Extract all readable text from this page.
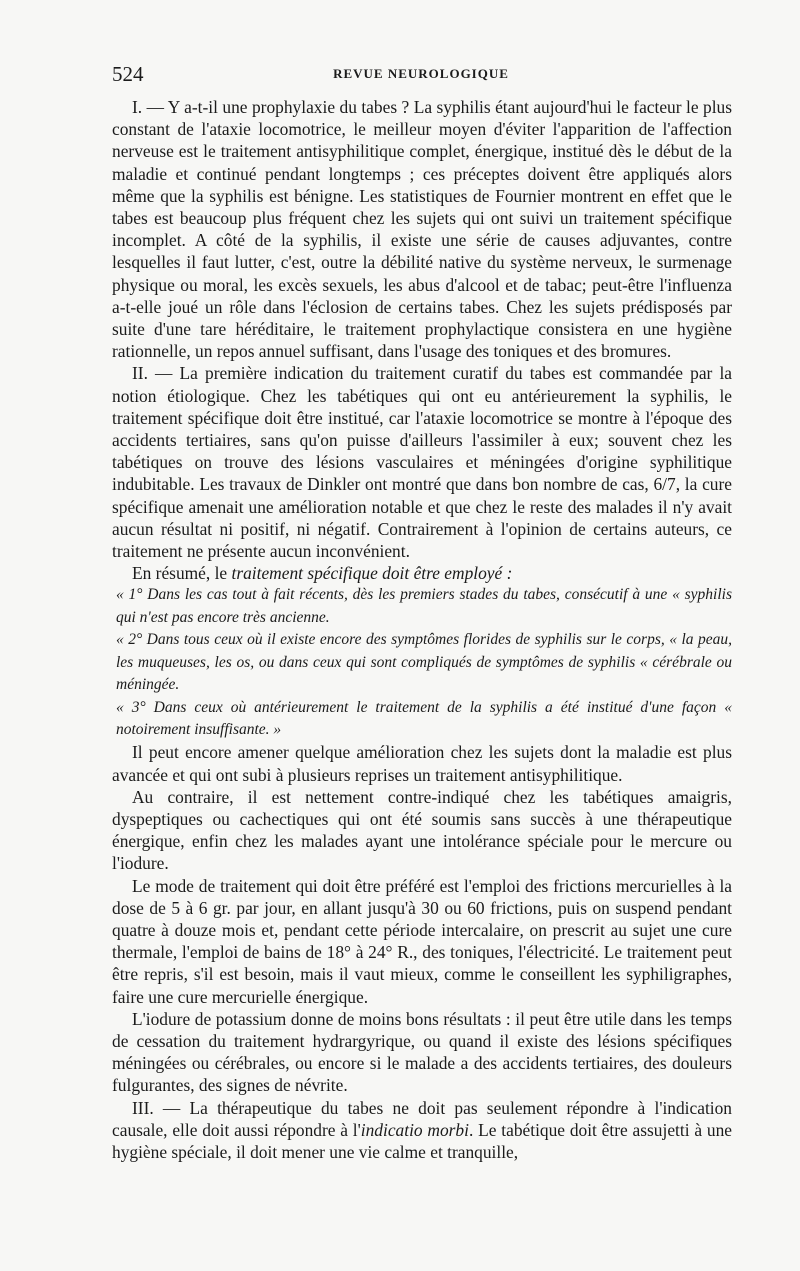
524	REVUE NEUROLOGIQUE

I. — Y a-t-il une prophylaxie du tabes ? La syphilis étant aujourd'hui le facteur le plus constant de l'ataxie locomotrice, le meilleur moyen d'éviter l'apparition de l'affection nerveuse est le traitement antisyphilitique complet, énergique, institué dès le début de la maladie et continué pendant longtemps ; ces préceptes doivent être appliqués alors même que la syphilis est bénigne. Les statistiques de Fournier montrent en effet que le tabes est beaucoup plus fréquent chez les sujets qui ont suivi un traitement spécifique incomplet. A côté de la syphilis, il existe une série de causes adjuvantes, contre lesquelles il faut lutter, c'est, outre la débilité native du système nerveux, le surmenage physique ou moral, les excès sexuels, les abus d'alcool et de tabac; peut-être l'influenza a-t-elle joué un rôle dans l'éclosion de certains tabes. Chez les sujets prédisposés par suite d'une tare héréditaire, le traitement prophylactique consistera en une hygiène rationnelle, un repos annuel suffisant, dans l'usage des toniques et des bromures.

II. — La première indication du traitement curatif du tabes est commandée par la notion étiologique. Chez les tabétiques qui ont eu antérieurement la syphilis, le traitement spécifique doit être institué, car l'ataxie locomotrice se montre à l'époque des accidents tertiaires, sans qu'on puisse d'ailleurs l'assimiler à eux; souvent chez les tabétiques on trouve des lésions vasculaires et méningées d'origine syphilitique indubitable. Les travaux de Dinkler ont montré que dans bon nombre de cas, 6/7, la cure spécifique amenait une amélioration notable et que chez le reste des malades il n'y avait aucun résultat ni positif, ni négatif. Contrairement à l'opinion de certains auteurs, ce traitement ne présente aucun inconvénient.

En résumé, le traitement spécifique doit être employé :

« 1° Dans les cas tout à fait récents, dès les premiers stades du tabes, consécutif à une « syphilis qui n'est pas encore très ancienne.

« 2° Dans tous ceux où il existe encore des symptômes florides de syphilis sur le corps, « la peau, les muqueuses, les os, ou dans ceux qui sont compliqués de symptômes de syphilis « cérébrale ou méningée.

« 3° Dans ceux où antérieurement le traitement de la syphilis a été institué d'une façon « notoirement insuffisante. »

Il peut encore amener quelque amélioration chez les sujets dont la maladie est plus avancée et qui ont subi à plusieurs reprises un traitement antisyphilitique.

Au contraire, il est nettement contre-indiqué chez les tabétiques amaigris, dyspeptiques ou cachectiques qui ont été soumis sans succès à une thérapeutique énergique, enfin chez les malades ayant une intolérance spéciale pour le mercure ou l'iodure.

Le mode de traitement qui doit être préféré est l'emploi des frictions mercurielles à la dose de 5 à 6 gr. par jour, en allant jusqu'à 30 ou 60 frictions, puis on suspend pendant quatre à douze mois et, pendant cette période intercalaire, on prescrit au sujet une cure thermale, l'emploi de bains de 18° à 24° R., des toniques, l'électricité. Le traitement peut être repris, s'il est besoin, mais il vaut mieux, comme le conseillent les syphiligraphes, faire une cure mercurielle énergique.

L'iodure de potassium donne de moins bons résultats : il peut être utile dans les temps de cessation du traitement hydrargyrique, ou quand il existe des lésions spécifiques méningées ou cérébrales, ou encore si le malade a des accidents tertiaires, des douleurs fulgurantes, des signes de névrite.

III. — La thérapeutique du tabes ne doit pas seulement répondre à l'indication causale, elle doit aussi répondre à l'indicatio morbi. Le tabétique doit être assujetti à une hygiène spéciale, il doit mener une vie calme et tranquille,
